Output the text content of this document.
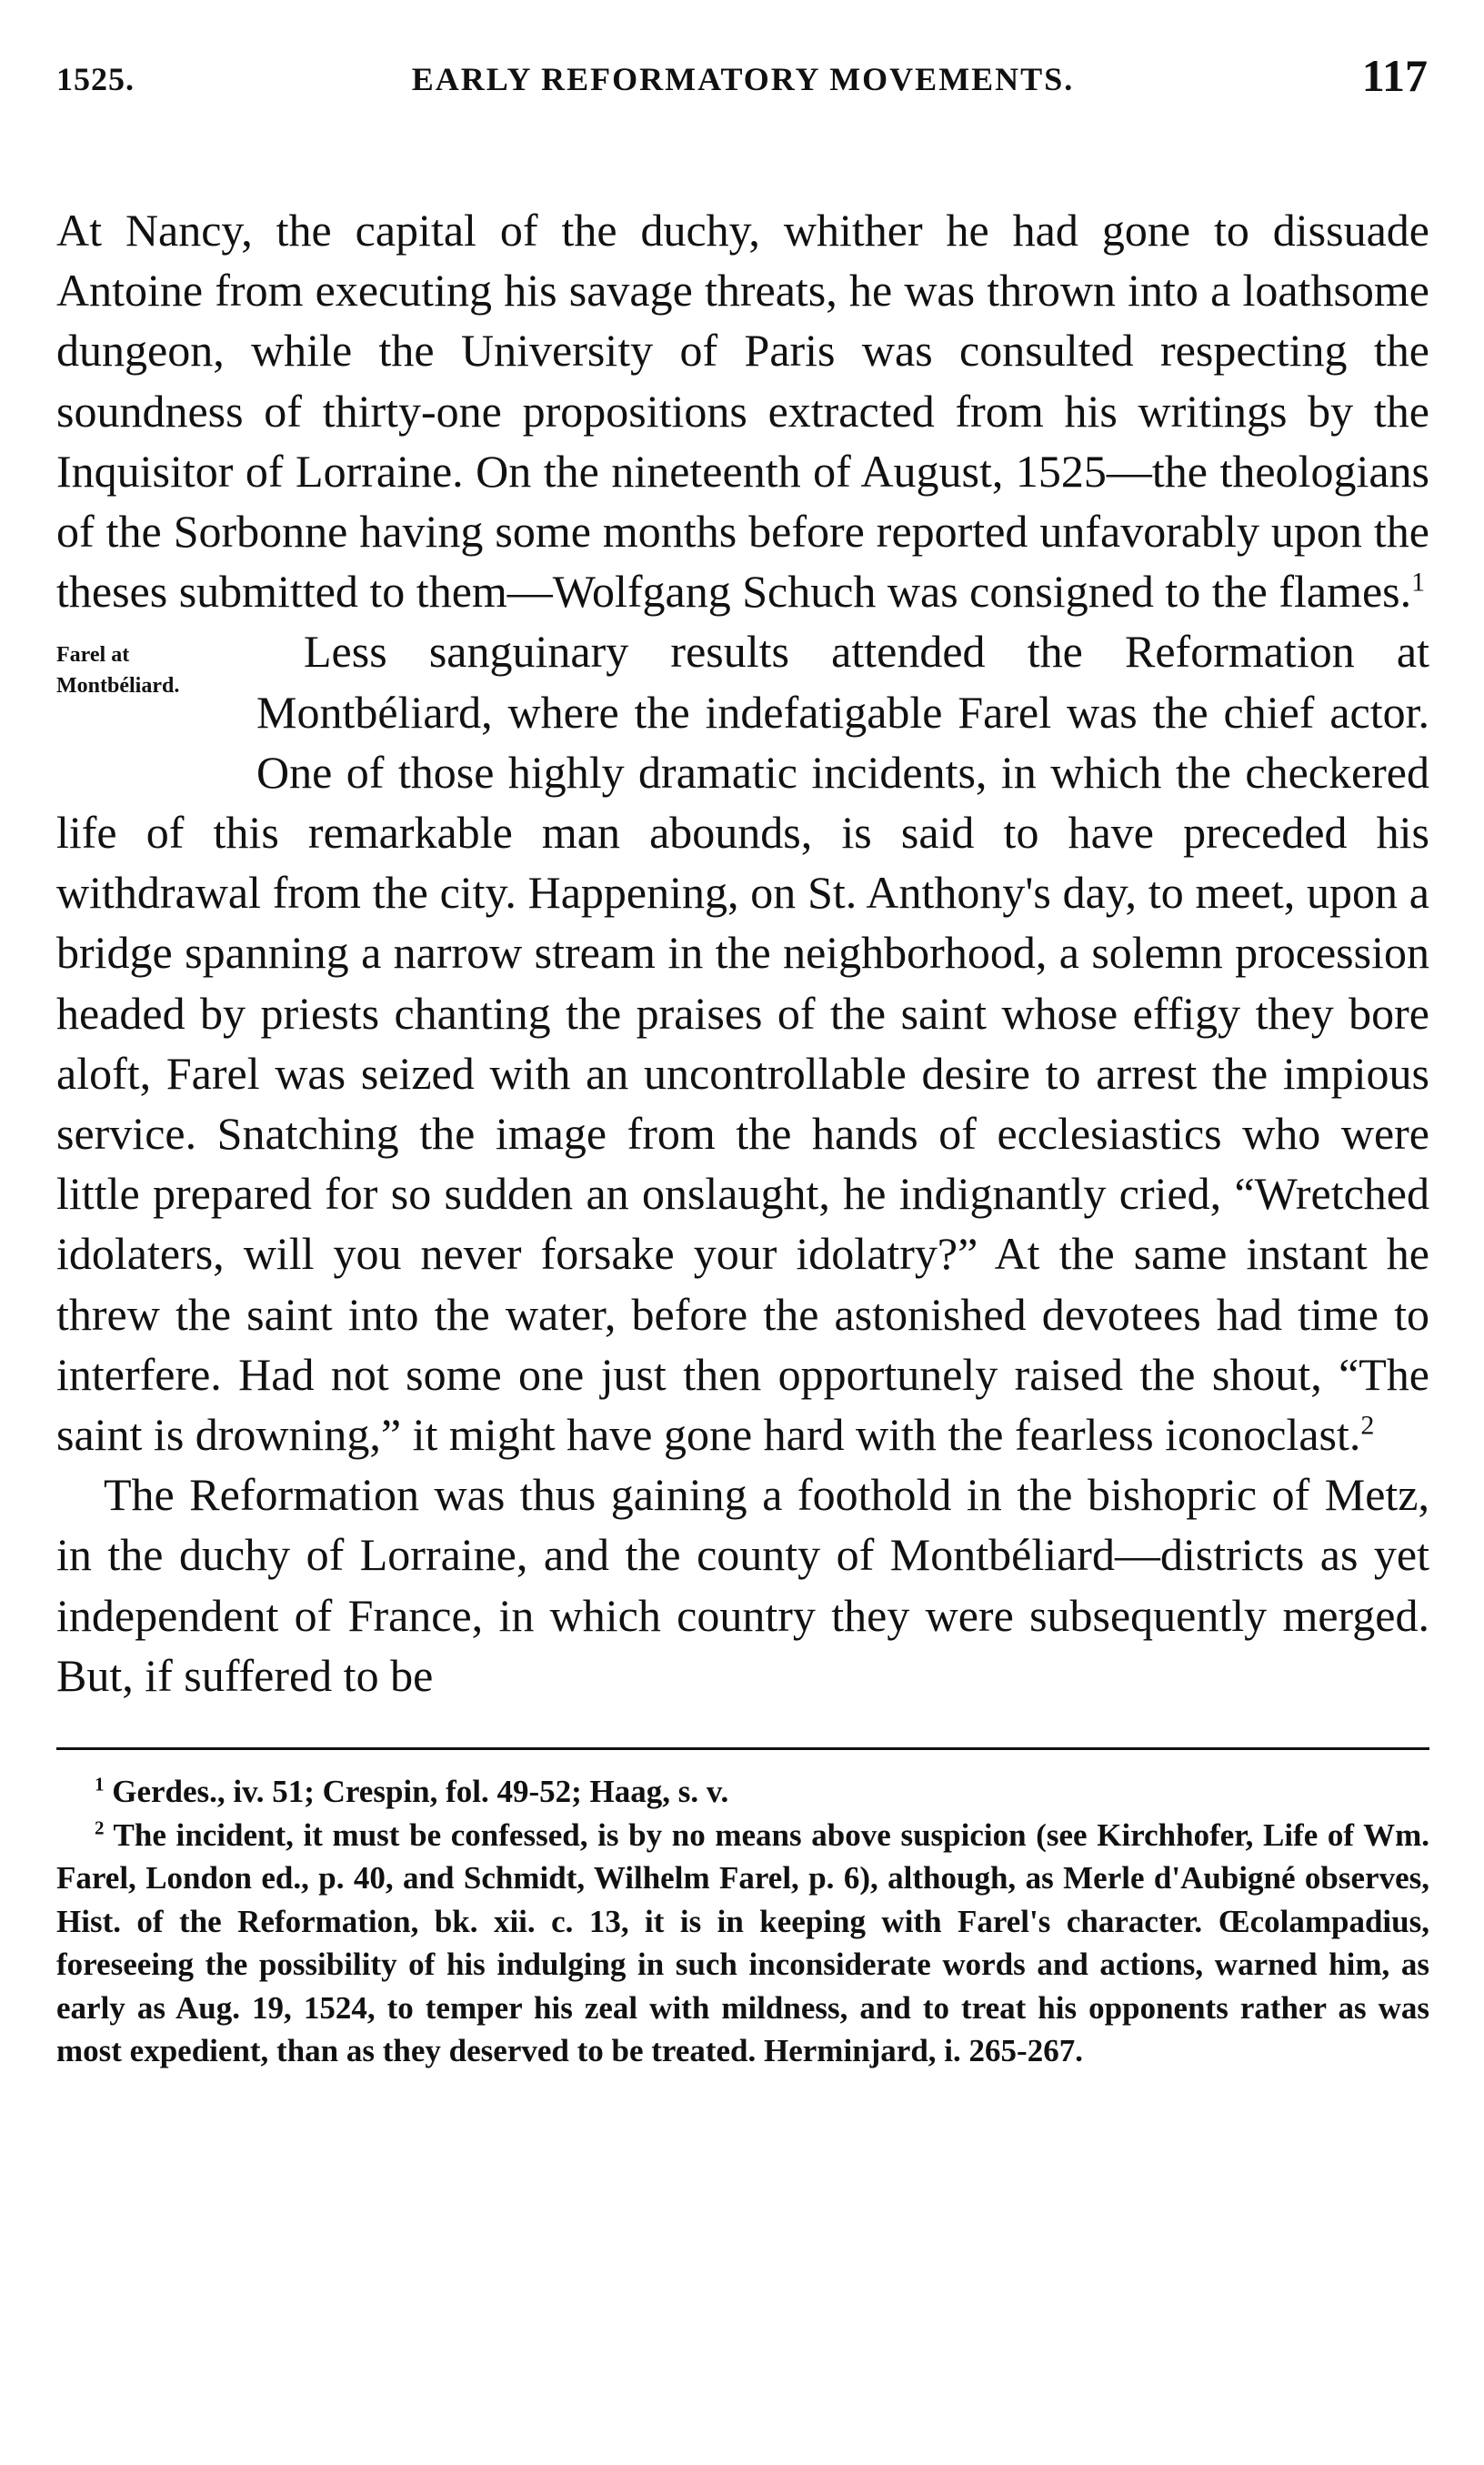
1525.	EARLY REFORMATORY MOVEMENTS.	117

At Nancy, the capital of the duchy, whither he had gone to dissuade Antoine from executing his savage threats, he was thrown into a loathsome dungeon, while the University of Paris was consulted respecting the soundness of thirty-one propositions extracted from his writings by the Inquisitor of Lorraine. On the nineteenth of August, 1525—the theologians of the Sorbonne having some months before reported unfavorably upon the theses submitted to them—Wolfgang Schuch was consigned to the flames.$^1$

Farel at
Montbéliard.
Less sanguinary results attended the Reformation at Montbéliard, where the indefatigable Farel was the chief actor. One of those highly dramatic incidents, in which the checkered life of this remarkable man abounds, is said to have preceded his withdrawal from the city. Happening, on St. Anthony's day, to meet, upon a bridge spanning a narrow stream in the neighborhood, a solemn procession headed by priests chanting the praises of the saint whose effigy they bore aloft, Farel was seized with an uncontrollable desire to arrest the impious service. Snatching the image from the hands of ecclesiastics who were little prepared for so sudden an onslaught, he indignantly cried, “Wretched idolaters, will you never forsake your idolatry?” At the same instant he threw the saint into the water, before the astonished devotees had time to interfere. Had not some one just then opportunely raised the shout, “The saint is drowning,” it might have gone hard with the fearless iconoclast.$^2$

The Reformation was thus gaining a foothold in the bishopric of Metz, in the duchy of Lorraine, and the county of Montbéliard—districts as yet independent of France, in which country they were subsequently merged. But, if suffered to be

$^1$ Gerdes., iv. 51; Crespin, fol. 49-52; Haag, s. v.

$^2$ The incident, it must be confessed, is by no means above suspicion (see Kirchhofer, Life of Wm. Farel, London ed., p. 40, and Schmidt, Wilhelm Farel, p. 6), although, as Merle d'Aubigné observes, Hist. of the Reformation, bk. xii. c. 13, it is in keeping with Farel's character. Œcolampadius, foreseeing the possibility of his indulging in such inconsiderate words and actions, warned him, as early as Aug. 19, 1524, to temper his zeal with mildness, and to treat his opponents rather as was most expedient, than as they deserved to be treated. Herminjard, i. 265-267.
